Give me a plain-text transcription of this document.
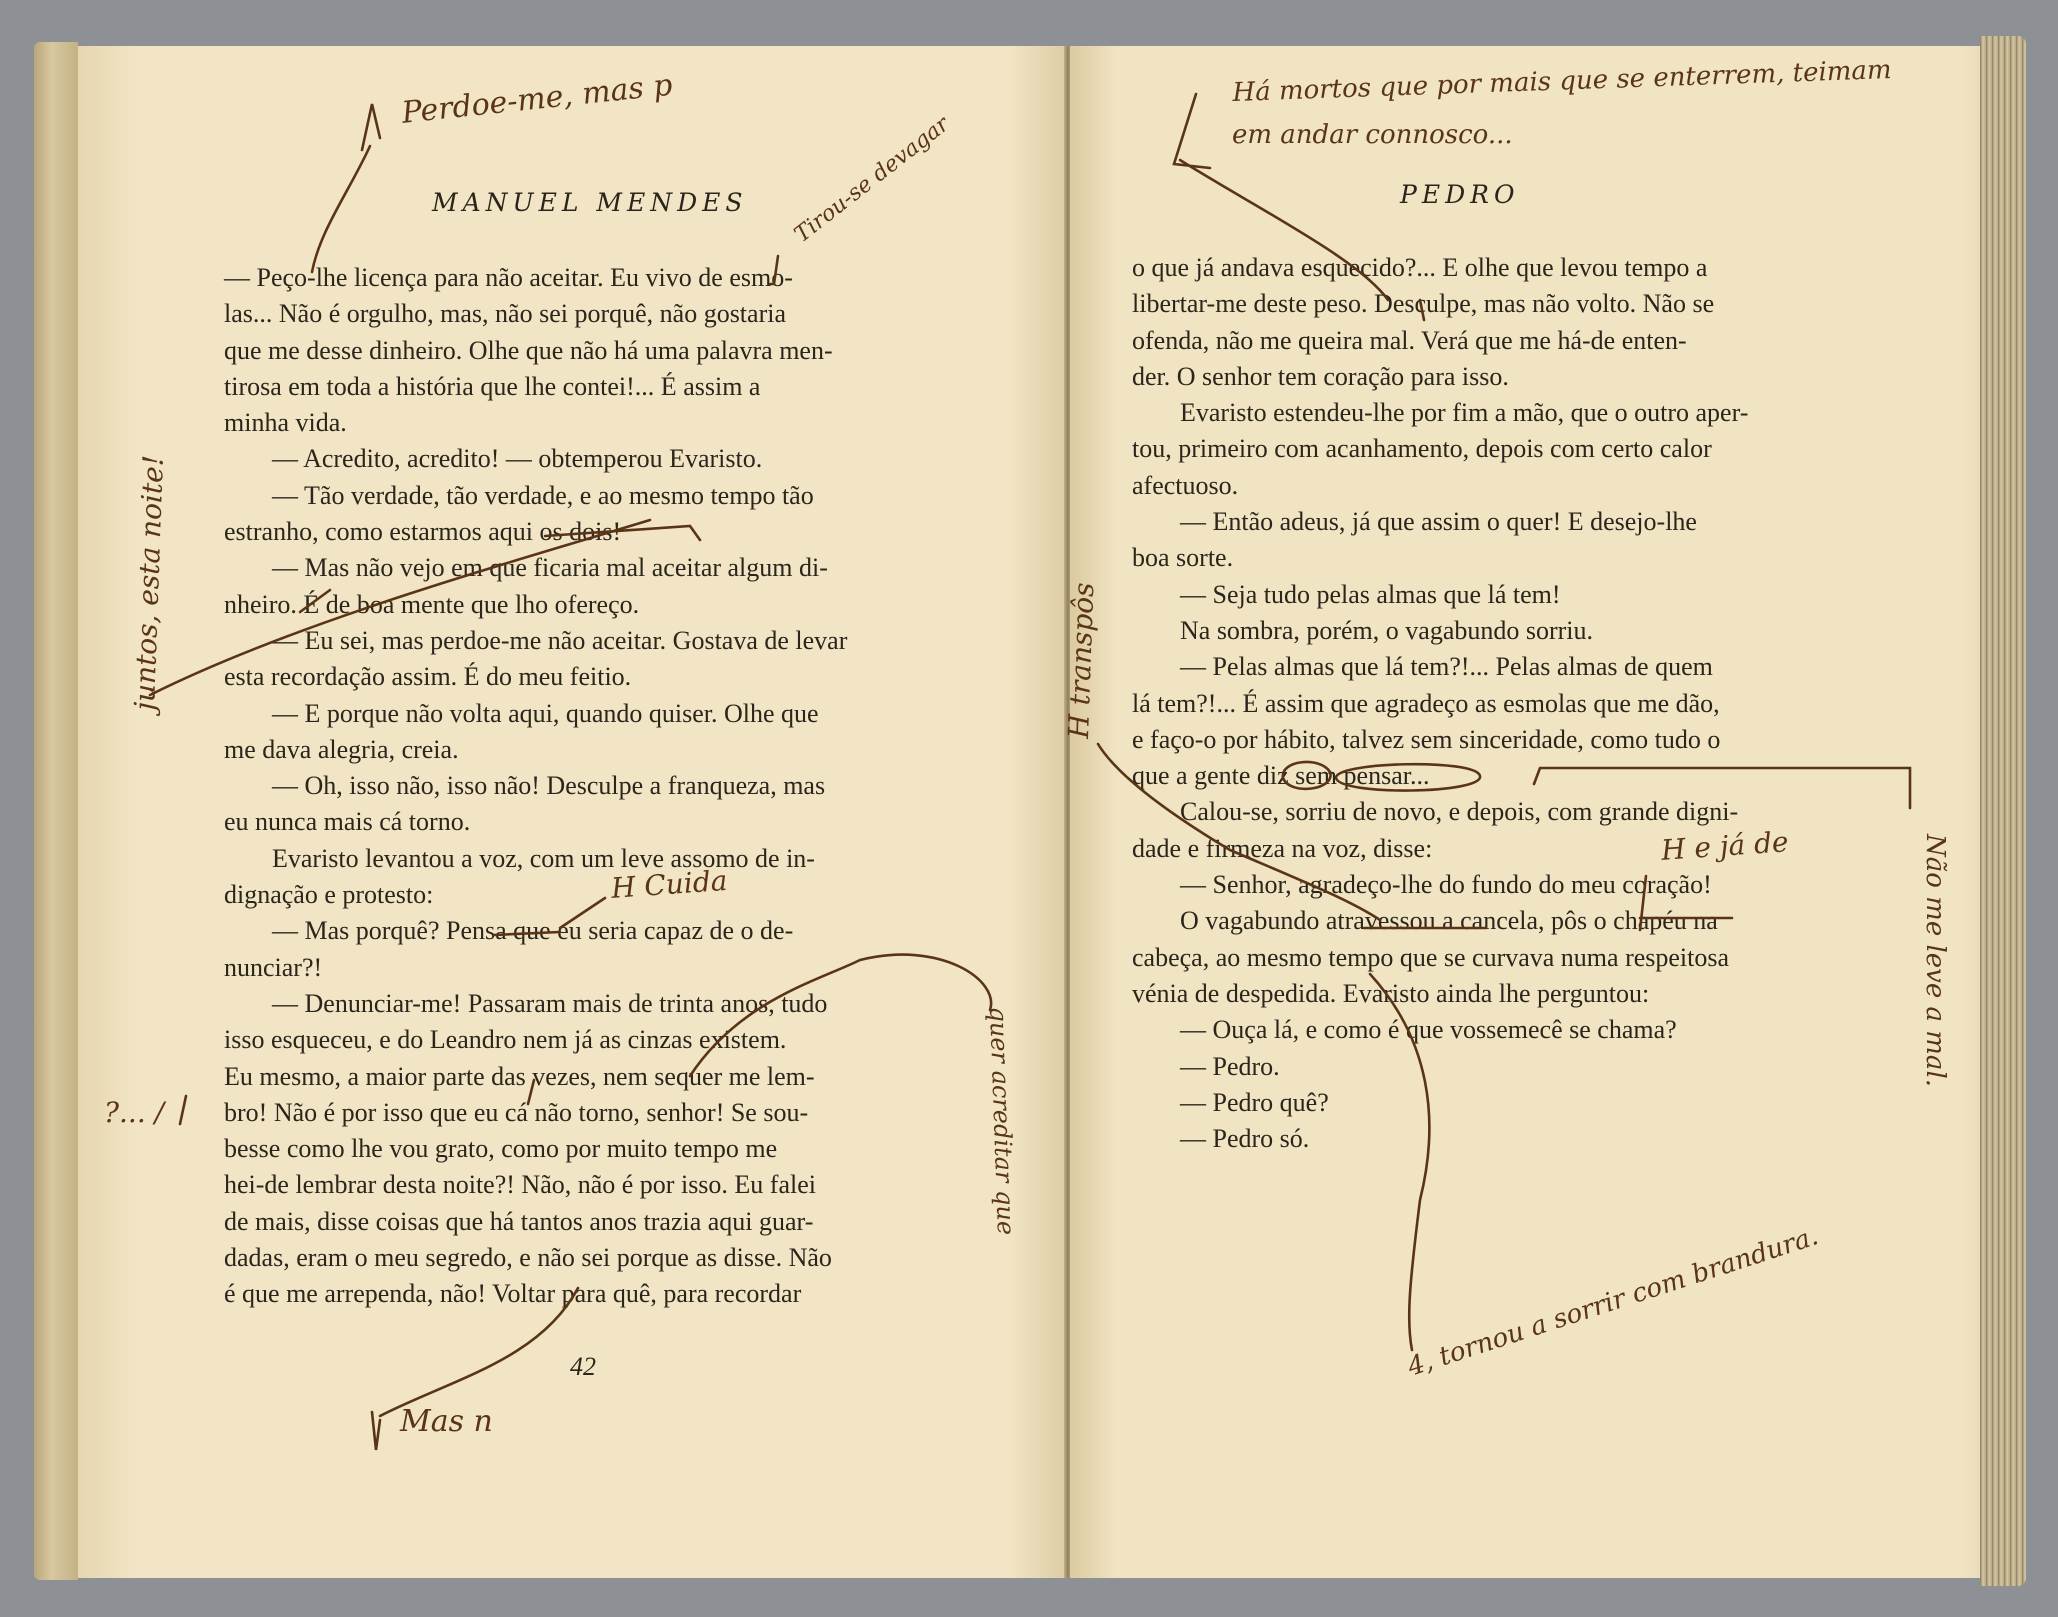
MANUEL MENDES

— Peço-lhe licença para não aceitar. Eu vivo de esmo-

las... Não é orgulho, mas, não sei porquê, não gostaria

que me desse dinheiro. Olhe que não há uma palavra men-

tirosa em toda a história que lhe contei!... É assim a

minha vida.

— Acredito, acredito! — obtemperou Evaristo.

— Tão verdade, tão verdade, e ao mesmo tempo tão

estranho, como estarmos aqui os dois!

— Mas não vejo em que ficaria mal aceitar algum di-

nheiro. É de boa mente que lho ofereço.

— Eu sei, mas perdoe-me não aceitar. Gostava de levar

esta recordação assim. É do meu feitio.

— E porque não volta aqui, quando quiser. Olhe que

me dava alegria, creia.

— Oh, isso não, isso não! Desculpe a franqueza, mas

eu nunca mais cá torno.

Evaristo levantou a voz, com um leve assomo de in-

dignação e protesto:

— Mas porquê? Pensa que eu seria capaz de o de-

nunciar?!

— Denunciar-me! Passaram mais de trinta anos, tudo

isso esqueceu, e do Leandro nem já as cinzas existem.

Eu mesmo, a maior parte das vezes, nem sequer me lem-

bro! Não é por isso que eu cá não torno, senhor! Se sou-

besse como lhe vou grato, como por muito tempo me

hei-de lembrar desta noite?! Não, não é por isso. Eu falei

de mais, disse coisas que há tantos anos trazia aqui guar-

dadas, eram o meu segredo, e não sei porque as disse. Não

é que me arrependa, não! Voltar para quê, para recordar

42
PEDRO

o que já andava esquecido?... E olhe que levou tempo a

libertar-me deste peso. Desculpe, mas não volto. Não se

ofenda, não me queira mal. Verá que me há-de enten-

der. O senhor tem coração para isso.

Evaristo estendeu-lhe por fim a mão, que o outro aper-

tou, primeiro com acanhamento, depois com certo calor

afectuoso.

— Então adeus, já que assim o quer! E desejo-lhe

boa sorte.

— Seja tudo pelas almas que lá tem!

Na sombra, porém, o vagabundo sorriu.

— Pelas almas que lá tem?!... Pelas almas de quem

lá tem?!... É assim que agradeço as esmolas que me dão,

e faço-o por hábito, talvez sem sinceridade, como tudo o

que a gente diz sem pensar...

Calou-se, sorriu de novo, e depois, com grande digni-

dade e firmeza na voz, disse:

— Senhor, agradeço-lhe do fundo do meu coração!

O vagabundo atravessou a cancela, pôs o chapéu na

cabeça, ao mesmo tempo que se curvava numa respeitosa

vénia de despedida. Evaristo ainda lhe perguntou:

— Ouça lá, e como é que vossemecê se chama?

— Pedro.

— Pedro quê?

— Pedro só.

Perdoe-me, mas p
Tirou-se devagar
juntos, esta noite!
H Cuida
?... /	quer acreditar que
Mas n
Há mortos que por mais que se enterrem, teimam
em andar connosco...
H transpôs
H e já de	Não me leve a mal.
4, tornou a sorrir com brandura.
